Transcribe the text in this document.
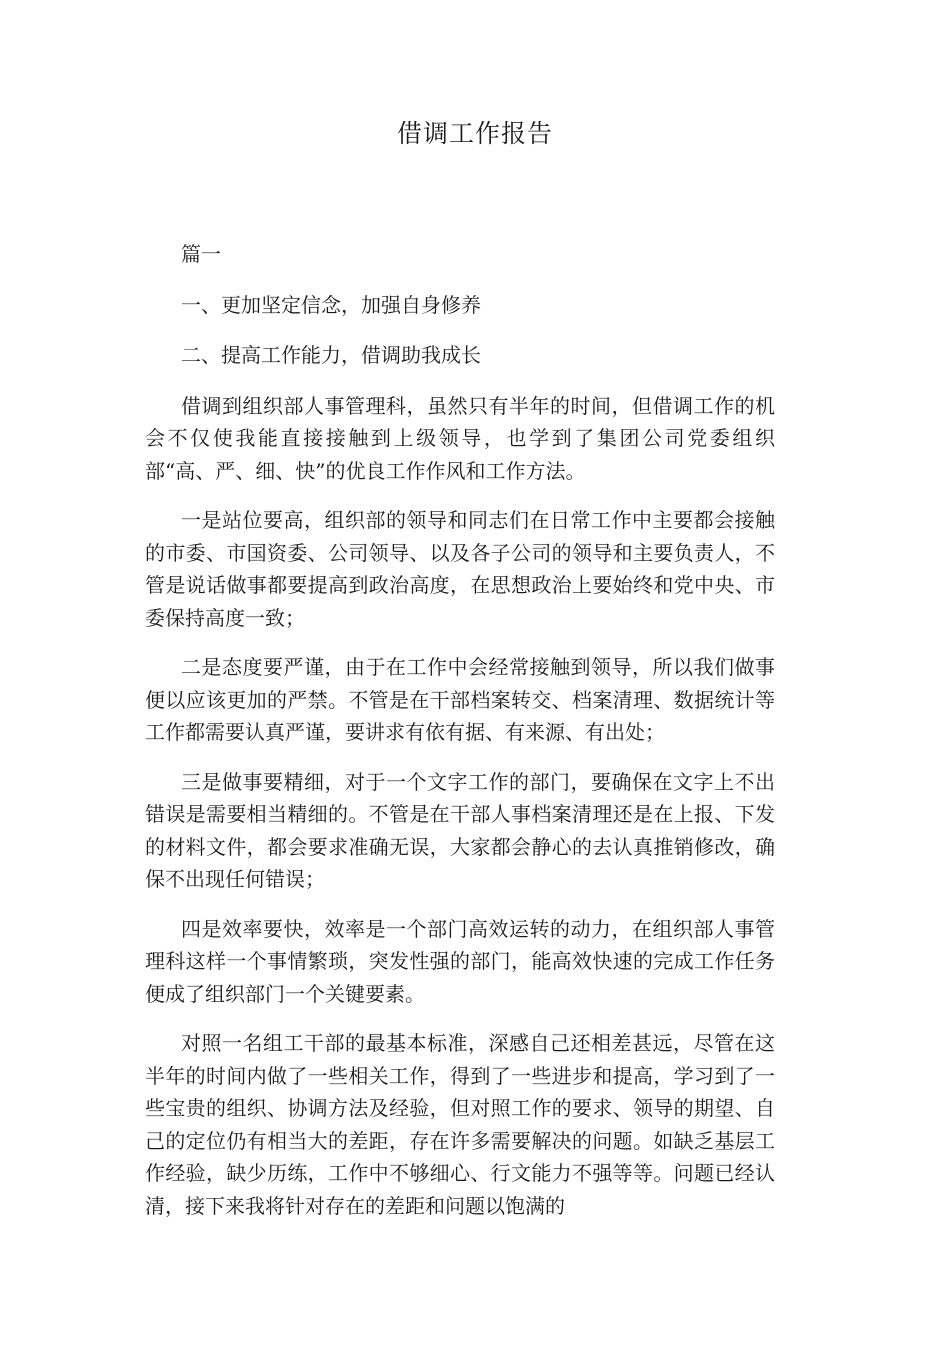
借调工作报告

篇一

一、更加坚定信念，加强自身修养

二、提高工作能力，借调助我成长

借调到组织部人事管理科，虽然只有半年的时间，但借调工作的机会不仅使我能直接接触到上级领导，也学到了集团公司党委组织部“高、严、细、快”的优良工作作风和工作方法。

一是站位要高，组织部的领导和同志们在日常工作中主要都会接触的市委、市国资委、公司领导、以及各子公司的领导和主要负责人，不管是说话做事都要提高到政治高度，在思想政治上要始终和党中央、市委保持高度一致；

二是态度要严谨，由于在工作中会经常接触到领导，所以我们做事便以应该更加的严禁。不管是在干部档案转交、档案清理、数据统计等工作都需要认真严谨，要讲求有依有据、有来源、有出处；

三是做事要精细，对于一个文字工作的部门，要确保在文字上不出错误是需要相当精细的。不管是在干部人事档案清理还是在上报、下发的材料文件，都会要求准确无误，大家都会静心的去认真推销修改，确保不出现任何错误；

四是效率要快，效率是一个部门高效运转的动力，在组织部人事管理科这样一个事情繁琐，突发性强的部门，能高效快速的完成工作任务便成了组织部门一个关键要素。

对照一名组工干部的最基本标准，深感自己还相差甚远，尽管在这半年的时间内做了一些相关工作，得到了一些进步和提高，学习到了一些宝贵的组织、协调方法及经验，但对照工作的要求、领导的期望、自己的定位仍有相当大的差距，存在许多需要解决的问题。如缺乏基层工作经验，缺少历练，工作中不够细心、行文能力不强等等。问题已经认清，接下来我将针对存在的差距和问题以饱满的
